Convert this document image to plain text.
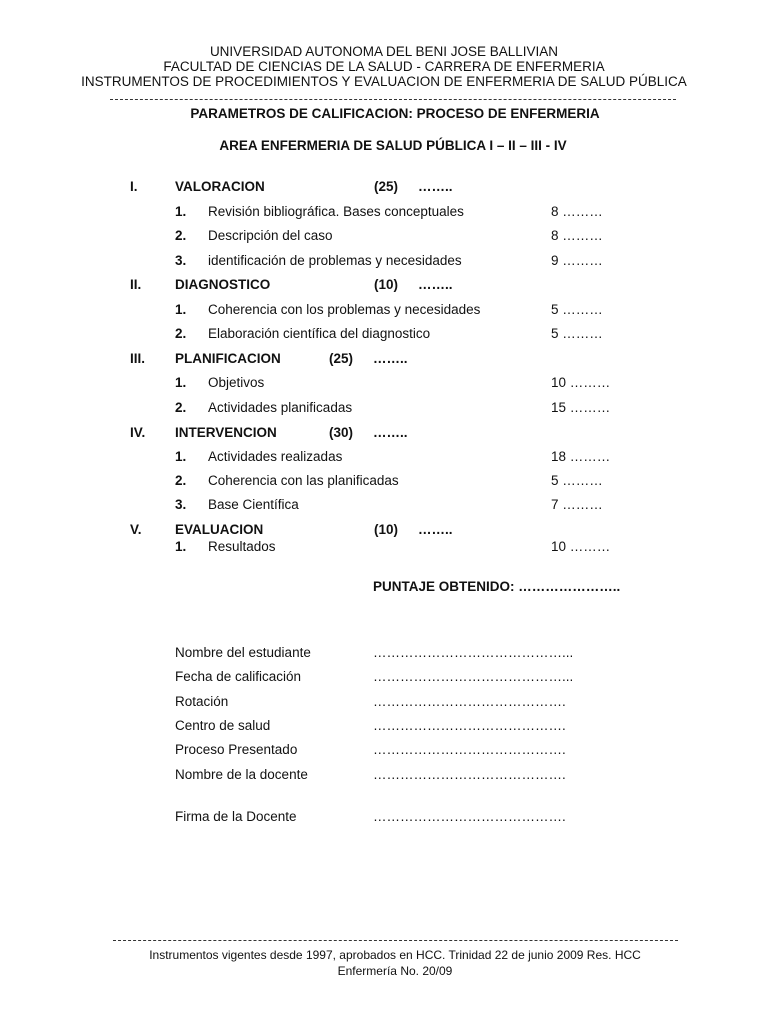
UNIVERSIDAD AUTONOMA DEL BENI JOSE BALLIVIAN
FACULTAD DE CIENCIAS DE LA SALUD - CARRERA DE ENFERMERIA
INSTRUMENTOS DE PROCEDIMIENTOS Y EVALUACION DE ENFERMERIA DE SALUD PÚBLICA
PARAMETROS DE CALIFICACION: PROCESO DE ENFERMERIA
AREA ENFERMERIA DE SALUD PÚBLICA I – II – III - IV
I.	VALORACION	(25) ……..
1. Revisión bibliográfica. Bases conceptuales	8 ………
2. Descripción del caso	8 ………
3. identificación de problemas y necesidades	9 ………
II. DIAGNOSTICO	(10) ……..
1. Coherencia con los problemas y necesidades	5 ………
2. Elaboración científica del diagnostico	5 ………
III. PLANIFICACION	(25) ……..
1. Objetivos	10 ………
2. Actividades planificadas	15 ………
IV. INTERVENCION	(30) ……..
1. Actividades realizadas	18 ………
2. Coherencia con las planificadas	5 ………
3. Base Científica	7 ………
V. EVALUACION	(10) ……..
1. Resultados	10 ………
PUNTAJE OBTENIDO: …………………..
Nombre del estudiante	……………………………………...
Fecha de calificación	……………………………………...
Rotación	…………………………………….
Centro de salud	…………………………………….
Proceso Presentado	…………………………………….
Nombre de la docente	…………………………………….
Firma de la Docente	…………………………………….
Instrumentos vigentes desde 1997, aprobados en HCC. Trinidad 22 de junio 2009 Res. HCC
Enfermería No. 20/09
